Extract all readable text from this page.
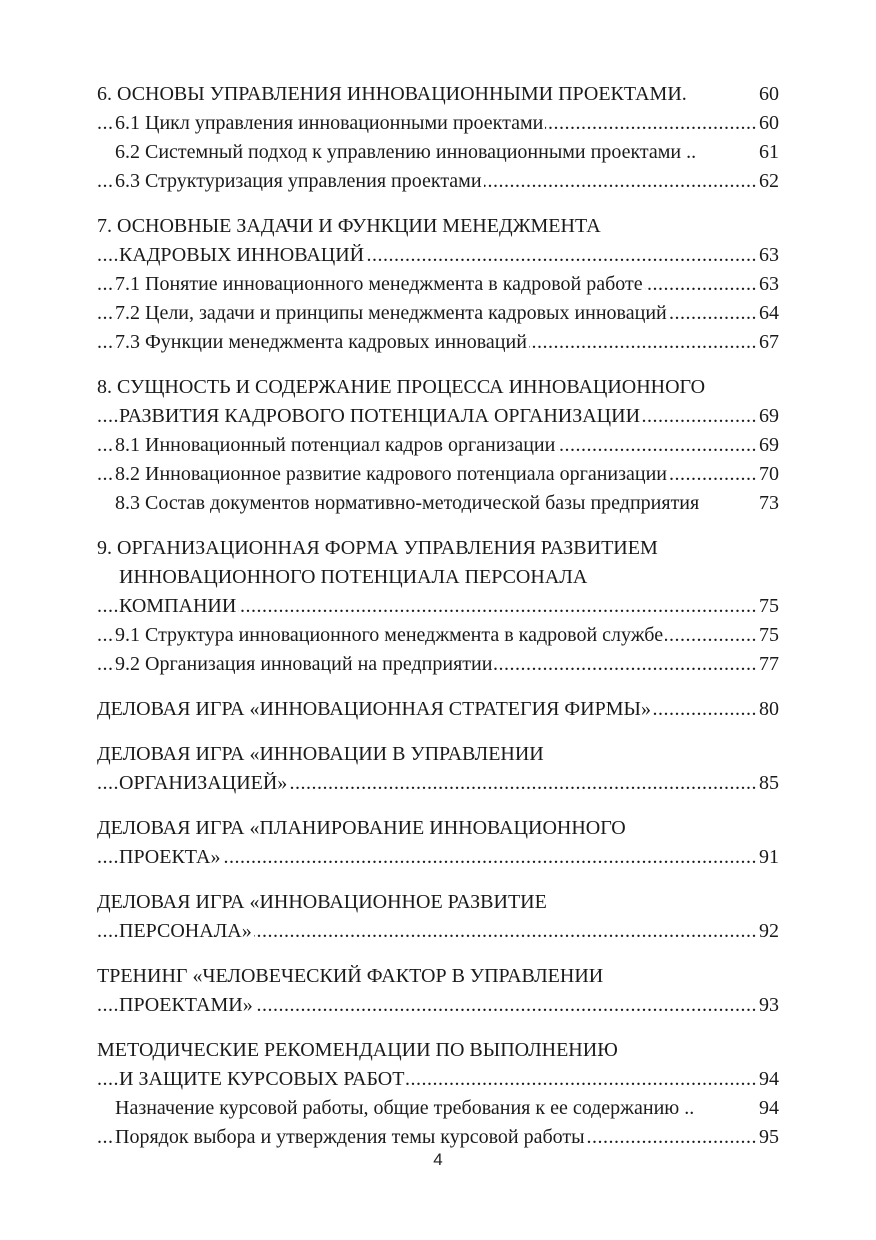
6. ОСНОВЫ УПРАВЛЕНИЯ ИННОВАЦИОННЫМИ ПРОЕКТАМИ.	60
..... 6.1 Цикл управления инновационными проектами	60
6.2 Системный подход к управлению инновационными проектами ..	61
..... 6.3 Структуризация управления проектами	62
7. ОСНОВНЫЕ ЗАДАЧИ И ФУНКЦИИ МЕНЕДЖМЕНТА
..... КАДРОВЫХ ИННОВАЦИЙ	63
..... 7.1 Понятие инновационного менеджмента в кадровой работе	63
..... 7.2 Цели, задачи и принципы менеджмента кадровых инноваций	64
..... 7.3 Функции менеджмента кадровых инноваций	67
8. СУЩНОСТЬ И СОДЕРЖАНИЕ ПРОЦЕССА ИННОВАЦИОННОГО
..... РАЗВИТИЯ КАДРОВОГО ПОТЕНЦИАЛА ОРГАНИЗАЦИИ	69
..... 8.1 Инновационный потенциал кадров организации	69
..... 8.2 Инновационное развитие кадрового потенциала организации	70
8.3 Состав документов нормативно-методической базы предприятия	73
9. ОРГАНИЗАЦИОННАЯ ФОРМА УПРАВЛЕНИЯ РАЗВИТИЕМ
ИННОВАЦИОННОГО ПОТЕНЦИАЛА ПЕРСОНАЛА
..... КОМПАНИИ	75
..... 9.1 Структура инновационного менеджмента в кадровой службе	75
..... 9.2 Организация инноваций на предприятии	77
..... ДЕЛОВАЯ ИГРА «ИННОВАЦИОННАЯ СТРАТЕГИЯ ФИРМЫ»	80
ДЕЛОВАЯ ИГРА «ИННОВАЦИИ В УПРАВЛЕНИИ
..... ОРГАНИЗАЦИЕЙ»	85
ДЕЛОВАЯ ИГРА «ПЛАНИРОВАНИЕ ИННОВАЦИОННОГО
..... ПРОЕКТА»	91
ДЕЛОВАЯ ИГРА «ИННОВАЦИОННОЕ РАЗВИТИЕ
..... ПЕРСОНАЛА»	92
ТРЕНИНГ «ЧЕЛОВЕЧЕСКИЙ ФАКТОР В УПРАВЛЕНИИ
..... ПРОЕКТАМИ»	93
МЕТОДИЧЕСКИЕ РЕКОМЕНДАЦИИ ПО ВЫПОЛНЕНИЮ
..... И ЗАЩИТЕ КУРСОВЫХ РАБОТ	94
Назначение курсовой работы, общие требования к ее содержанию ..	94
..... Порядок выбора и утверждения темы курсовой работы	95
4
